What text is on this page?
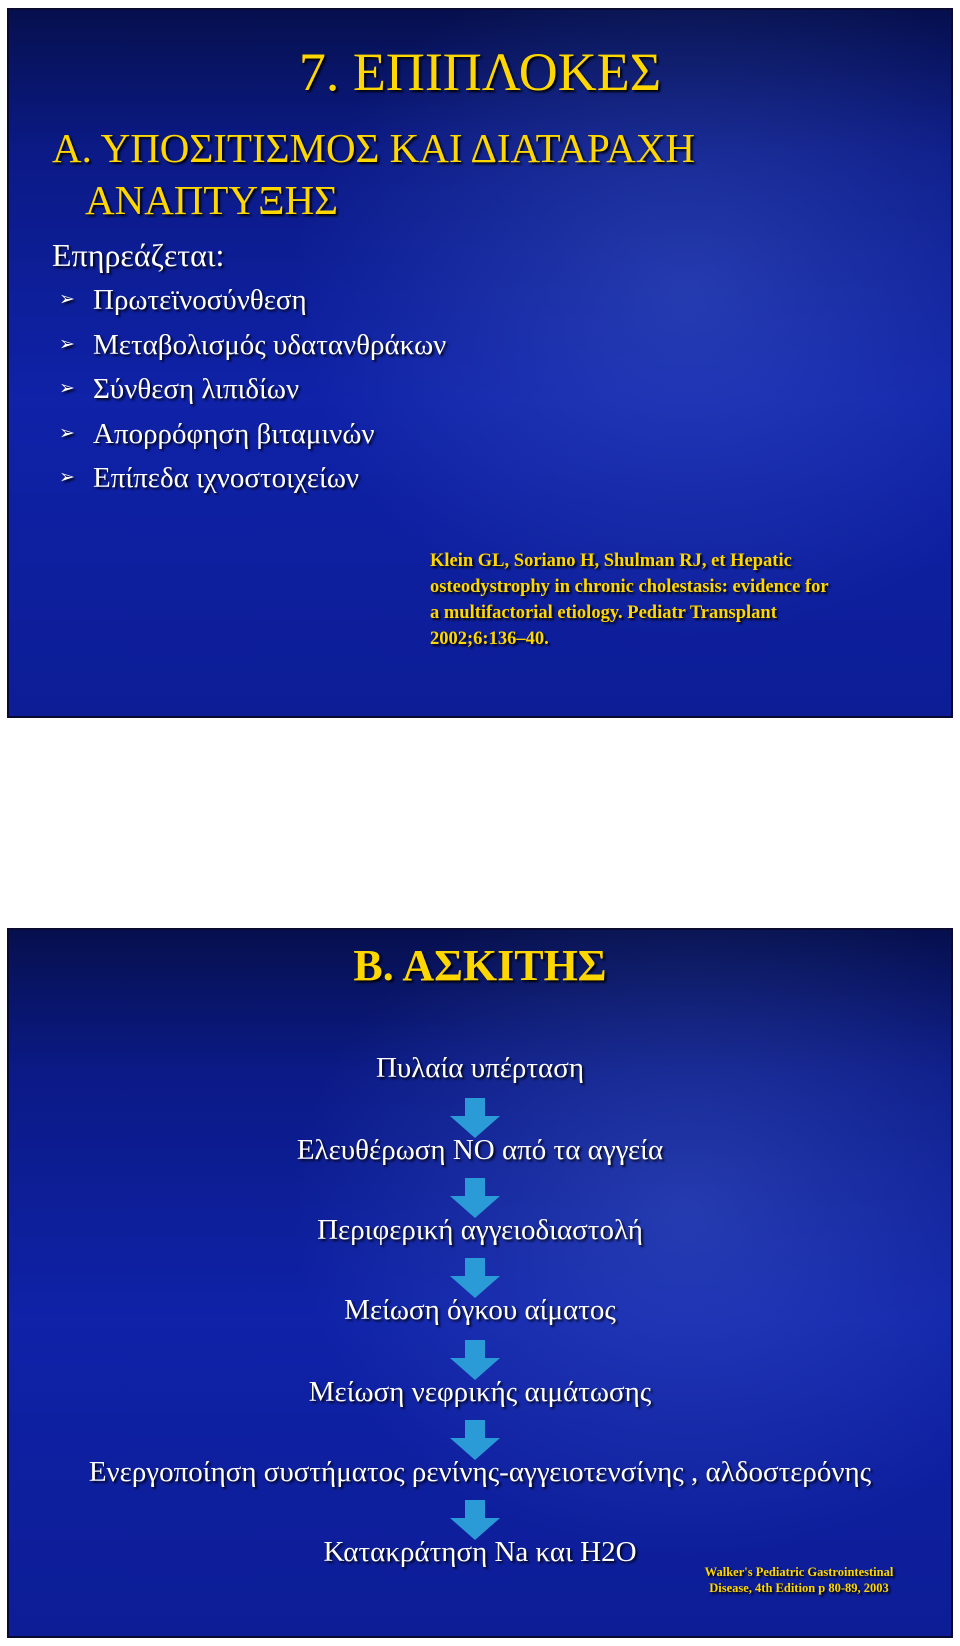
7. ΕΠΙΠΛΟΚΕΣ
Α. ΥΠΟΣΙΤΙΣΜΟΣ ΚΑΙ ΔΙΑΤΑΡΑΧΗ
ΑΝΑΠΤΥΞΗΣ
Επηρεάζεται:
➢ Πρωτεϊνοσύνθεση
➢ Μεταβολισμός υδατανθράκων
➢ Σύνθεση λιπιδίων
➢ Απορρόφηση βιταμινών
➢ Επίπεδα ιχνοστοιχείων
Klein GL, Soriano H, Shulman RJ, et Hepatic
osteodystrophy in chronic cholestasis: evidence for
a multifactorial etiology. Pediatr Transplant
2002;6:136–40.
Β. ΑΣΚΙΤΗΣ
Πυλαία υπέρταση
Ελευθέρωση NO από τα αγγεία
Περιφερική αγγειοδιαστολή
Μείωση όγκου αίματος
Μείωση νεφρικής αιμάτωσης
Ενεργοποίηση συστήματος ρενίνης-αγγειοτενσίνης , αλδοστερόνης
Κατακράτηση Na και H2O
Walker's Pediatric Gastrointestinal
Disease, 4th Edition p 80-89, 2003
